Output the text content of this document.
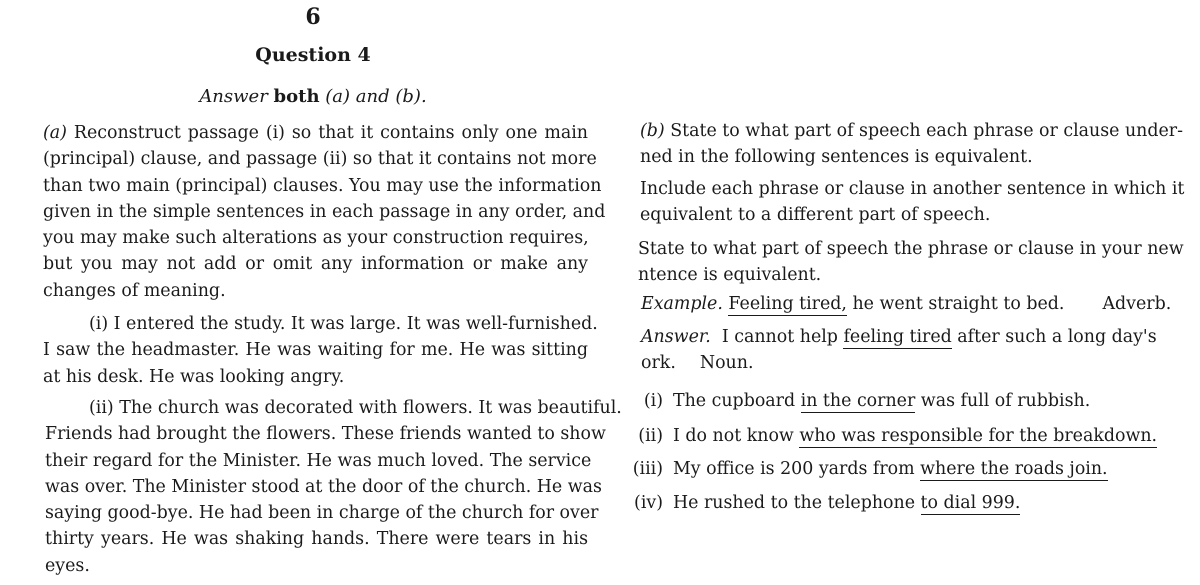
6
Question 4
Answer both (a) and (b).
(a) Reconstruct passage (i) so that it contains only one main
(principal) clause, and passage (ii) so that it contains not more
than two main (principal) clauses. You may use the information
given in the simple sentences in each passage in any order, and
you may make such alterations as your construction requires,
but you may not add or omit any information or make any
changes of meaning.
(i) I entered the study. It was large. It was well-furnished.
I saw the headmaster. He was waiting for me. He was sitting
at his desk. He was looking angry.
(ii) The church was decorated with flowers. It was beautiful.
Friends had brought the flowers. These friends wanted to show
their regard for the Minister. He was much loved. The service
was over. The Minister stood at the door of the church. He was
saying good-bye. He had been in charge of the church for over
thirty years. He was shaking hands. There were tears in his
eyes.
(b) State to what part of speech each phrase or clause under-
ned in the following sentences is equivalent.
Include each phrase or clause in another sentence in which it
equivalent to a different part of speech.
State to what part of speech the phrase or clause in your new
ntence is equivalent.
Example. Feeling tired, he went straight to bed. Adverb.
Answer.  I cannot help feeling tired after such a long day's
ork. Noun.
(i) The cupboard in the corner was full of rubbish.
(ii) I do not know who was responsible for the breakdown.
(iii) My office is 200 yards from where the roads join.
(iv) He rushed to the telephone to dial 999.
